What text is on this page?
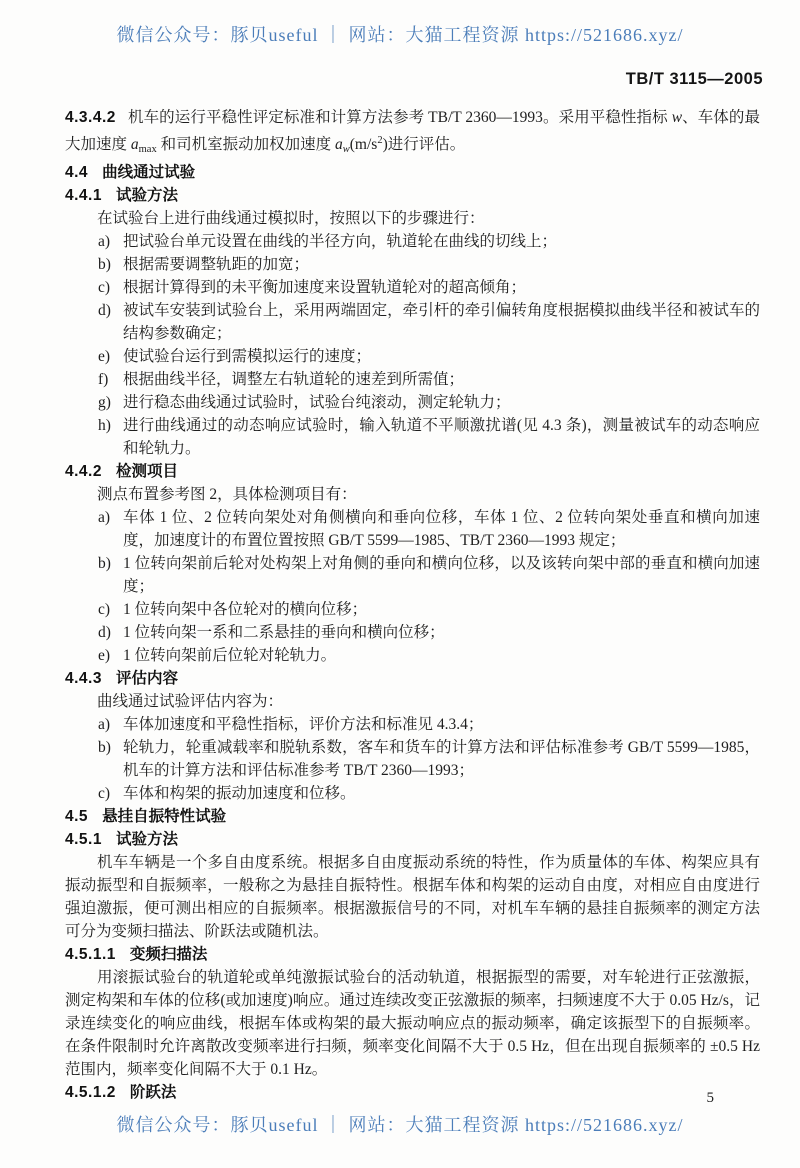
微信公众号：豚贝useful ｜ 网站：大猫工程资源 https://521686.xyz/
TB/T 3115—2005

4.3.4.2 机车的运行平稳性评定标准和计算方法参考 TB/T 2360—1993。采用平稳性指标 w、车体的最大加速度 amax 和司机室振动加权加速度 $aw(m/s^2)$进行评估。

4.4 曲线通过试验

4.4.1 试验方法

在试验台上进行曲线通过模拟时，按照以下的步骤进行：

a) 把试验台单元设置在曲线的半径方向，轨道轮在曲线的切线上；
b) 根据需要调整轨距的加宽；
c) 根据计算得到的未平衡加速度来设置轨道轮对的超高倾角；
d) 被试车安装到试验台上，采用两端固定，牵引杆的牵引偏转角度根据模拟曲线半径和被试车的结构参数确定；
e) 使试验台运行到需模拟运行的速度；
f) 根据曲线半径，调整左右轨道轮的速差到所需值；
g) 进行稳态曲线通过试验时，试验台纯滚动，测定轮轨力；
h) 进行曲线通过的动态响应试验时，输入轨道不平顺激扰谱(见 4.3 条)，测量被试车的动态响应和轮轨力。

4.4.2 检测项目

测点布置参考图 2，具体检测项目有：

a) 车体 1 位、2 位转向架处对角侧横向和垂向位移，车体 1 位、2 位转向架处垂直和横向加速度，加速度计的布置位置按照 GB/T 5599—1985、TB/T 2360—1993 规定；
b) 1 位转向架前后轮对处构架上对角侧的垂向和横向位移，以及该转向架中部的垂直和横向加速度；
c) 1 位转向架中各位轮对的横向位移；
d) 1 位转向架一系和二系悬挂的垂向和横向位移；
e) 1 位转向架前后位轮对轮轨力。

4.4.3 评估内容

曲线通过试验评估内容为：

a) 车体加速度和平稳性指标，评价方法和标准见 4.3.4；
b) 轮轨力，轮重减载率和脱轨系数，客车和货车的计算方法和评估标准参考 GB/T 5599—1985，机车的计算方法和评估标准参考 TB/T 2360—1993；
c) 车体和构架的振动加速度和位移。

4.5 悬挂自振特性试验

4.5.1 试验方法

机车车辆是一个多自由度系统。根据多自由度振动系统的特性，作为质量体的车体、构架应具有振动振型和自振频率，一般称之为悬挂自振特性。根据车体和构架的运动自由度，对相应自由度进行强迫激振，便可测出相应的自振频率。根据激振信号的不同，对机车车辆的悬挂自振频率的测定方法可分为变频扫描法、阶跃法或随机法。

4.5.1.1 变频扫描法

用滚振试验台的轨道轮或单纯激振试验台的活动轨道，根据振型的需要，对车轮进行正弦激振，测定构架和车体的位移(或加速度)响应。通过连续改变正弦激振的频率，扫频速度不大于 0.05 Hz/s，记录连续变化的响应曲线，根据车体或构架的最大振动响应点的振动频率，确定该振型下的自振频率。在条件限制时允许离散改变频率进行扫频，频率变化间隔不大于 0.5 Hz，但在出现自振频率的 ±0.5 Hz 范围内，频率变化间隔不大于 0.1 Hz。

4.5.1.2 阶跃法	5
微信公众号：豚贝useful ｜ 网站：大猫工程资源 https://521686.xyz/
